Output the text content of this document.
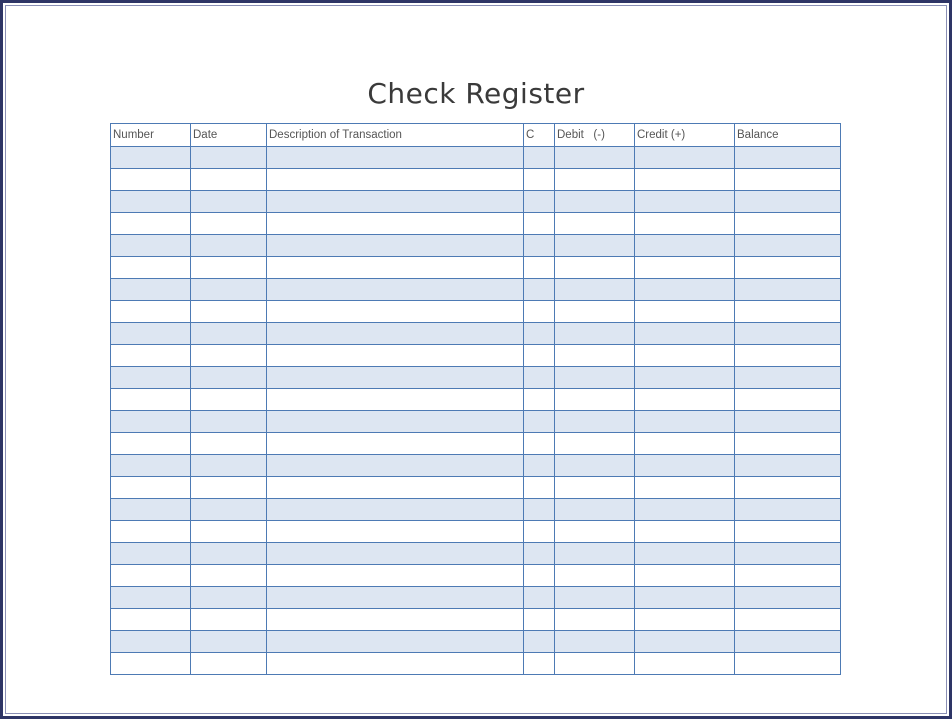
Check Register
Number	Date	Description of Transaction	C	Debit   (-)	Credit (+)	Balance
